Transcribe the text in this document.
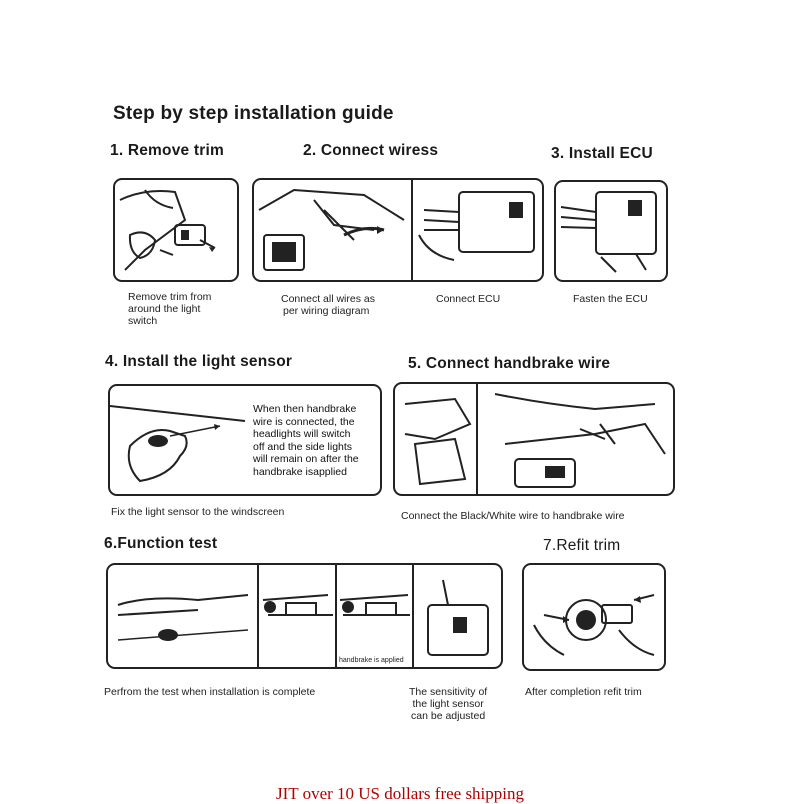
Step by step installation guide
1. Remove trim
Remove trim from
around the light
switch
2. Connect wiress
Connect all wires as
per wiring diagram
Connect ECU
3. Install ECU
Fasten the ECU
4. Install the light sensor
When then handbrake
wire is connected, the
headlights will switch
off and the side lights
will remain on after the
handbrake isapplied
Fix the light sensor to the windscreen
5. Connect handbrake wire
Connect the Black/White wire to handbrake wire
6.Function test
handbrake is applied
Perfrom the test when installation is complete	The sensitivity of
the light sensor
can be adjusted
7.Refit trim
After completion refit trim
JIT over 10 US dollars free shipping
